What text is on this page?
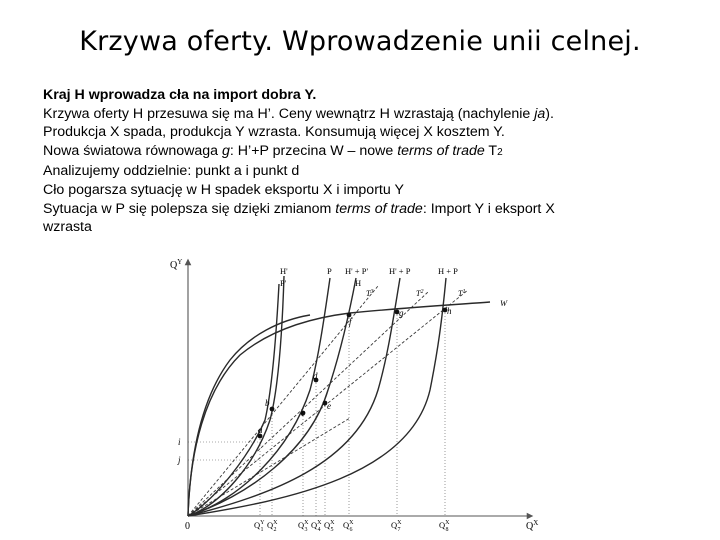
Krzywa oferty. Wprowadzenie unii celnej.
Kraj H wprowadza cła na import dobra Y.
Krzywa oferty H przesuwa się ma H’. Ceny wewnątrz H wzrastają (nachylenie ja).
Produkcja X spada, produkcja Y wzrasta. Konsumują więcej X kosztem Y.
Nowa światowa równowaga g: H’+P przecina W – nowe terms of trade T2
Analizujemy oddzielnie: punkt a i punkt d
Cło pogarsza sytuację w H spadek eksportu X i importu Y
Sytuacja w P się polepsza się dzięki zmianom terms of trade: Import Y i eksport X
wzrasta
$Q^Y$
$Q^X$
0
a
b
c
d
e
f
g	h
i
j
H'
P'
P H' + P'
H
H' + P	H + P
W
$T^3$	$T^2$	$T^1$
$Q^Y$ 1 $Q^X$ 2	$Q^X$ 3 $Q^X$ 4 $Q^X$ 5 $Q^X$ 6	$Q^X$ 7	$Q^X$ 8
